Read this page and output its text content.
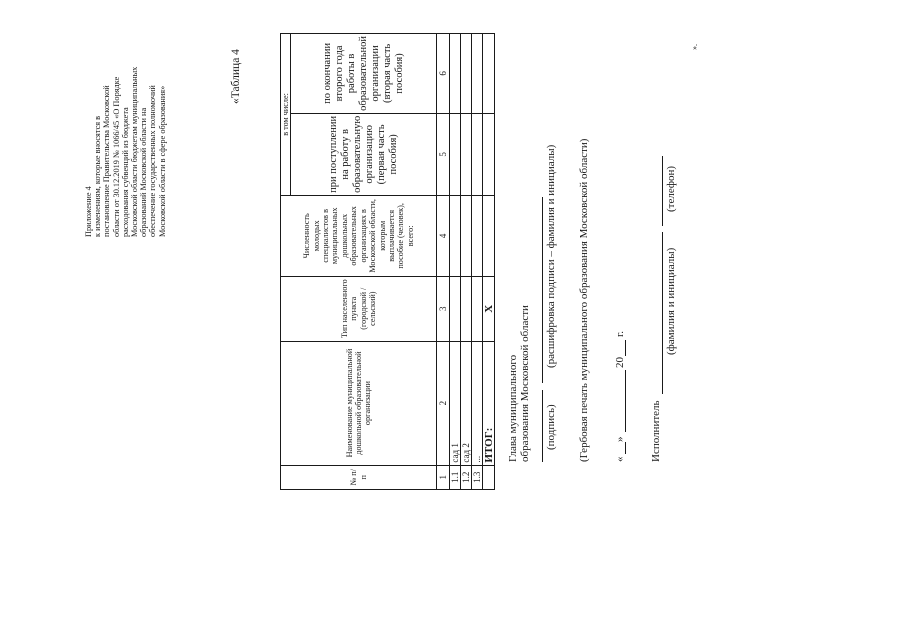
Приложение 4 к изменениям, которые вносятся в постановление Правительства Московской области от 30.12.2019 № 1066/45 «О Порядке расходования субвенций из бюджета Московской области бюджетам муниципальных образований Московской области на обеспечение государственных полномочий Московской области в сфере образования»
«Таблица 4
№ п/п	Наименование муниципальной дошкольной образовательной организации	Тип населенного пункта (городской / сельский)	Численность молодых специалистов в муниципальных дошкольных образовательных организациях в Московской области, которым выплачивается пособие (человек), всего:	в том числе:	
				при поступлении на работу в образовательную организацию (первая часть пособия)	по окончании второго года работы в образовательной организации (вторая часть пособия)
1	2	3	4	5	6
1.1	сад 1				
1.2	сад 2				
1.3	...				
	ИТОГ:	X			
Глава муниципального образования Московской области (подпись)
(расшифровка подписи – фамилия и инициалы) (Гербовая печать муниципального образования Московской области) «
»
20
г.
Исполнитель
(фамилия и инициалы)
(телефон)
».
